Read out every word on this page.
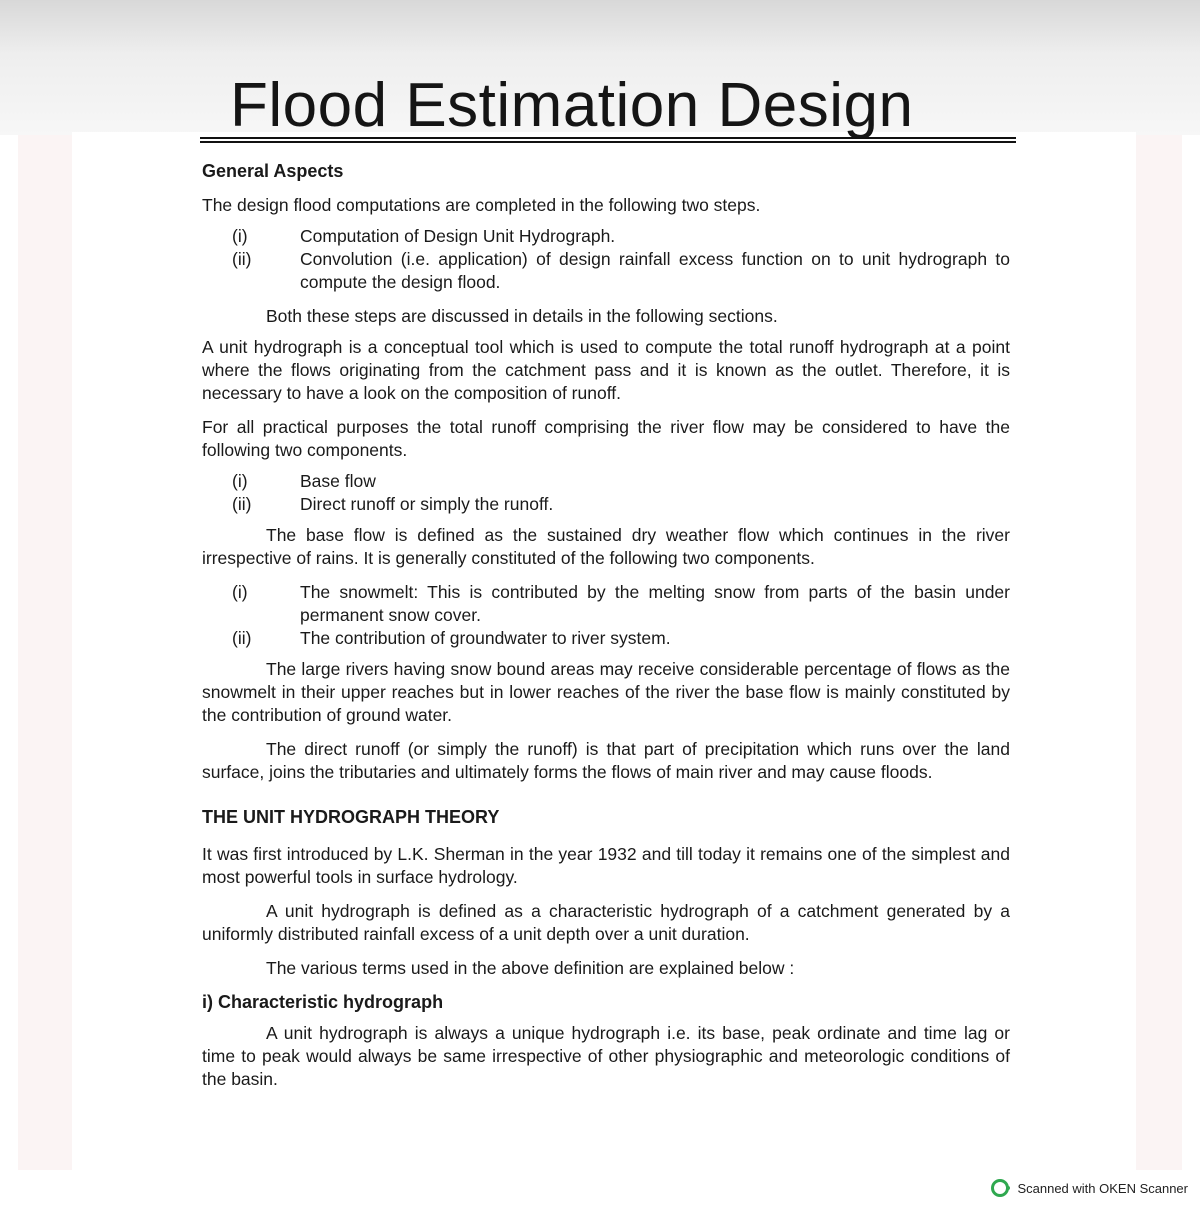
Flood Estimation Design

General Aspects

The design flood computations are completed in the following two steps.

(i)	Computation of Design Unit Hydrograph.
(ii)	Convolution (i.e. application) of design rainfall excess function on to unit hydrograph to compute the design flood.

Both these steps are discussed in details in the following sections.

A unit hydrograph is a conceptual tool which is used to compute the total runoff hydrograph at a point where the flows originating from the catchment pass and it is known as the outlet. Therefore, it is necessary to have a look on the composition of runoff.

For all practical purposes the total runoff comprising the river flow may be considered to have the following two components.

(i)	Base flow
(ii)	Direct runoff or simply the runoff.

The base flow is defined as the sustained dry weather flow which continues in the river irrespective of rains. It is generally constituted of the following two components.

(i)	The snowmelt: This is contributed by the melting snow from parts of the basin under permanent snow cover.
(ii)	The contribution of groundwater to river system.

The large rivers having snow bound areas may receive considerable percentage of flows as the snowmelt in their upper reaches but in lower reaches of the river the base flow is mainly constituted by the contribution of ground water.

The direct runoff (or simply the runoff) is that part of precipitation which runs over the land surface, joins the tributaries and ultimately forms the flows of main river and may cause floods.

THE UNIT HYDROGRAPH THEORY

It was first introduced by L.K. Sherman in the year 1932 and till today it remains one of the simplest and most powerful tools in surface hydrology.

A unit hydrograph is defined as a characteristic hydrograph of a catchment generated by a uniformly distributed rainfall excess of a unit depth over a unit duration.

The various terms used in the above definition are explained below :

i) Characteristic hydrograph

A unit hydrograph is always a unique hydrograph i.e. its base, peak ordinate and time lag or time to peak would always be same irrespective of other physiographic and meteorologic conditions of the basin.

Scanned with OKEN Scanner
